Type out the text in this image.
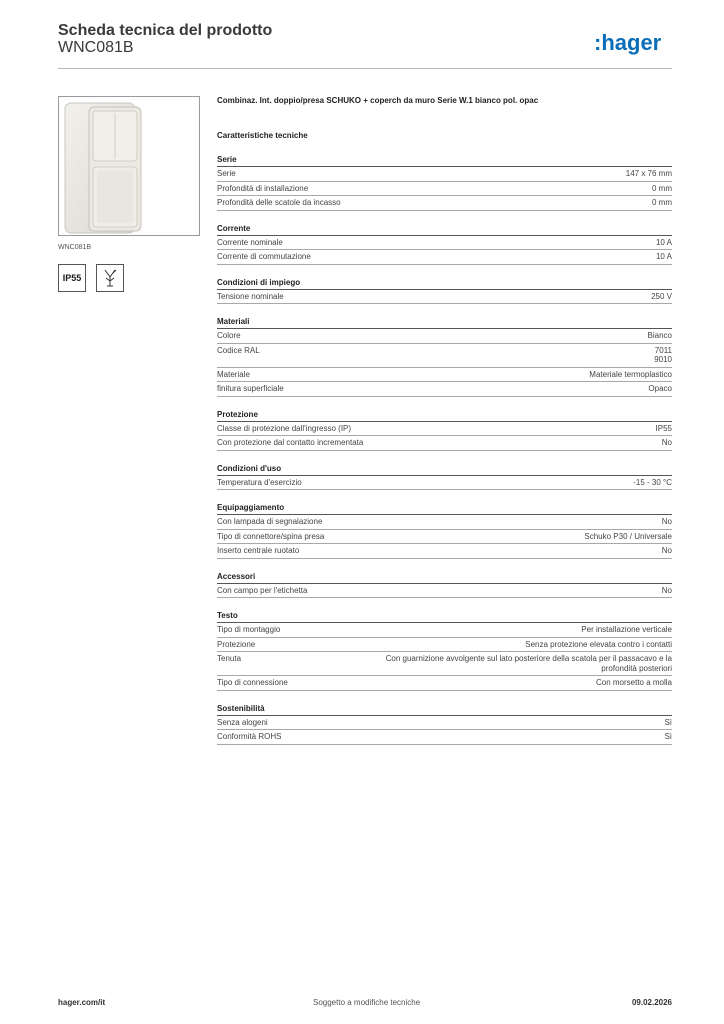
Scheda tecnica del prodotto
WNC081B	:hager
WNC081B
IP55
Combinaz. Int. doppio/presa SCHUKO + coperch da muro Serie W.1 bianco pol. opac
Caratteristiche tecniche
Serie
Serie	147 x 76 mm
Profondità di installazione	0 mm
Profondità delle scatole da incasso	0 mm
Corrente
Corrente nominale	10 A
Corrente di commutazione	10 A
Condizioni di impiego
Tensione nominale	250 V
Materiali
Colore	Bianco
Codice RAL	7011
9010
Materiale	Materiale termoplastico
finitura superficiale	Opaco
Protezione
Classe di protezione dall'ingresso (IP)	IP55
Con protezione dal contatto incrementata	No
Condizioni d'uso
Temperatura d'esercizio	-15 - 30 °C
Equipaggiamento
Con lampada di segnalazione	No
Tipo di connettore/spina presa	Schuko P30 / Universale
Inserto centrale ruotato	No
Accessori
Con campo per l'etichetta	No
Testo
Tipo di montaggio	Per installazione verticale
Protezione	Senza protezione elevata contro i contatti
Tenuta	Con guarnizione avvolgente sul lato posteriore della scatola per il passacavo e la profondità posteriori
Tipo di connessione	Con morsetto a molla
Sostenibilità
Senza alogeni	Sì
Conformità ROHS	Sì
hager.com/it	Soggetto a modifiche tecniche	09.02.2026
